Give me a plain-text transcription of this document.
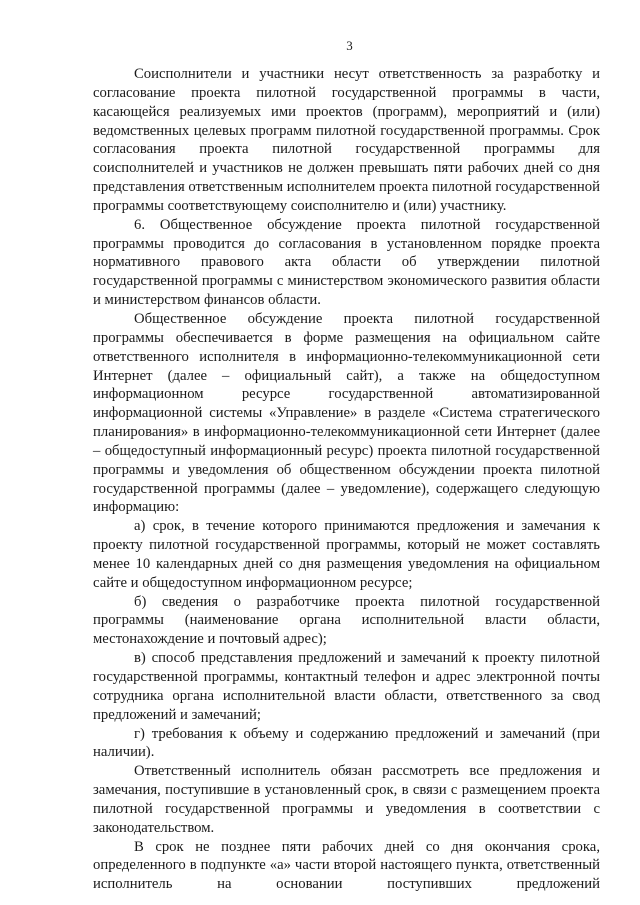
3

Соисполнители и участники несут ответственность за разработку и согласование проекта пилотной государственной программы в части, касающейся реализуемых ими проектов (программ), мероприятий и (или) ведомственных целевых программ пилотной государственной программы. Срок согласования проекта пилотной государственной программы для соисполнителей и участников не должен превышать пяти рабочих дней со дня представления ответственным исполнителем проекта пилотной государственной программы соответствующему соисполнителю и (или) участнику.

6. Общественное обсуждение проекта пилотной государственной программы проводится до согласования в установленном порядке проекта нормативного правового акта области об утверждении пилотной государственной программы с министерством экономического развития области и министерством финансов области.

Общественное обсуждение проекта пилотной государственной программы обеспечивается в форме размещения на официальном сайте ответственного исполнителя в информационно-телекоммуникационной сети Интернет (далее – официальный сайт), а также на общедоступном информационном ресурсе государственной автоматизированной информационной системы «Управление» в разделе «Система стратегического планирования» в информационно-телекоммуникационной сети Интернет (далее – общедоступный информационный ресурс) проекта пилотной государственной программы и уведомления об общественном обсуждении проекта пилотной государственной программы (далее – уведомление), содержащего следующую информацию:

а) срок, в течение которого принимаются предложения и замечания к проекту пилотной государственной программы, который не может составлять менее 10 календарных дней со дня размещения уведомления на официальном сайте и общедоступном информационном ресурсе;

б) сведения о разработчике проекта пилотной государственной программы (наименование органа исполнительной власти области, местонахождение и почтовый адрес);

в) способ представления предложений и замечаний к проекту пилотной государственной программы, контактный телефон и адрес электронной почты сотрудника органа исполнительной власти области, ответственного за свод предложений и замечаний;

г) требования к объему и содержанию предложений и замечаний (при наличии).

Ответственный исполнитель обязан рассмотреть все предложения и замечания, поступившие в установленный срок, в связи с размещением проекта пилотной государственной программы и уведомления в соответствии с законодательством.

В срок не позднее пяти рабочих дней со дня окончания срока, определенного в подпункте «а» части второй настоящего пункта, ответственный исполнитель на основании поступивших предложений
